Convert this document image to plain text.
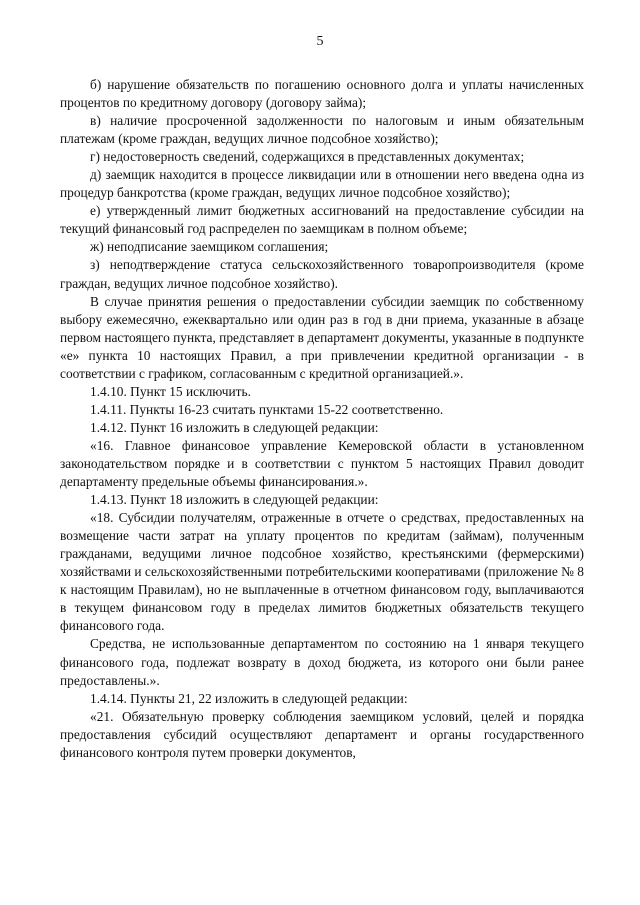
5

б) нарушение обязательств по погашению основного долга и уплаты начисленных процентов по кредитному договору (договору займа);

в) наличие просроченной задолженности по налоговым и иным обязательным платежам (кроме граждан, ведущих личное подсобное хозяйство);

г) недостоверность сведений, содержащихся в представленных документах;

д) заемщик находится в процессе ликвидации или в отношении него введена одна из процедур банкротства (кроме граждан, ведущих личное подсобное хозяйство);

е) утвержденный лимит бюджетных ассигнований на предоставление субсидии на текущий финансовый год распределен по заемщикам в полном объеме;

ж) неподписание заемщиком соглашения;

з) неподтверждение статуса сельскохозяйственного товаропроизводителя (кроме граждан, ведущих личное подсобное хозяйство).

В случае принятия решения о предоставлении субсидии заемщик по собственному выбору ежемесячно, ежеквартально или один раз в год в дни приема, указанные в абзаце первом настоящего пункта, представляет в департамент документы, указанные в подпункте «е» пункта 10 настоящих Правил, а при привлечении кредитной организации - в соответствии с графиком, согласованным с кредитной организацией.».

1.4.10. Пункт 15 исключить.

1.4.11. Пункты 16-23 считать пунктами 15-22 соответственно.

1.4.12. Пункт 16 изложить в следующей редакции:

«16. Главное финансовое управление Кемеровской области в установленном законодательством порядке и в соответствии с пунктом 5 настоящих Правил доводит департаменту предельные объемы финансирования.».

1.4.13. Пункт 18 изложить в следующей редакции:

«18. Субсидии получателям, отраженные в отчете о средствах, предоставленных на возмещение части затрат на уплату процентов по кредитам (займам), полученным гражданами, ведущими личное подсобное хозяйство, крестьянскими (фермерскими) хозяйствами и сельскохозяйственными потребительскими кооперативами (приложение № 8 к настоящим Правилам), но не выплаченные в отчетном финансовом году, выплачиваются в текущем финансовом году в пределах лимитов бюджетных обязательств текущего финансового года.

Средства, не использованные департаментом по состоянию на 1 января текущего финансового года, подлежат возврату в доход бюджета, из которого они были ранее предоставлены.».

1.4.14. Пункты 21, 22 изложить в следующей редакции:

«21. Обязательную проверку соблюдения заемщиком условий, целей и порядка предоставления субсидий осуществляют департамент и органы государственного финансового контроля путем проверки документов,
